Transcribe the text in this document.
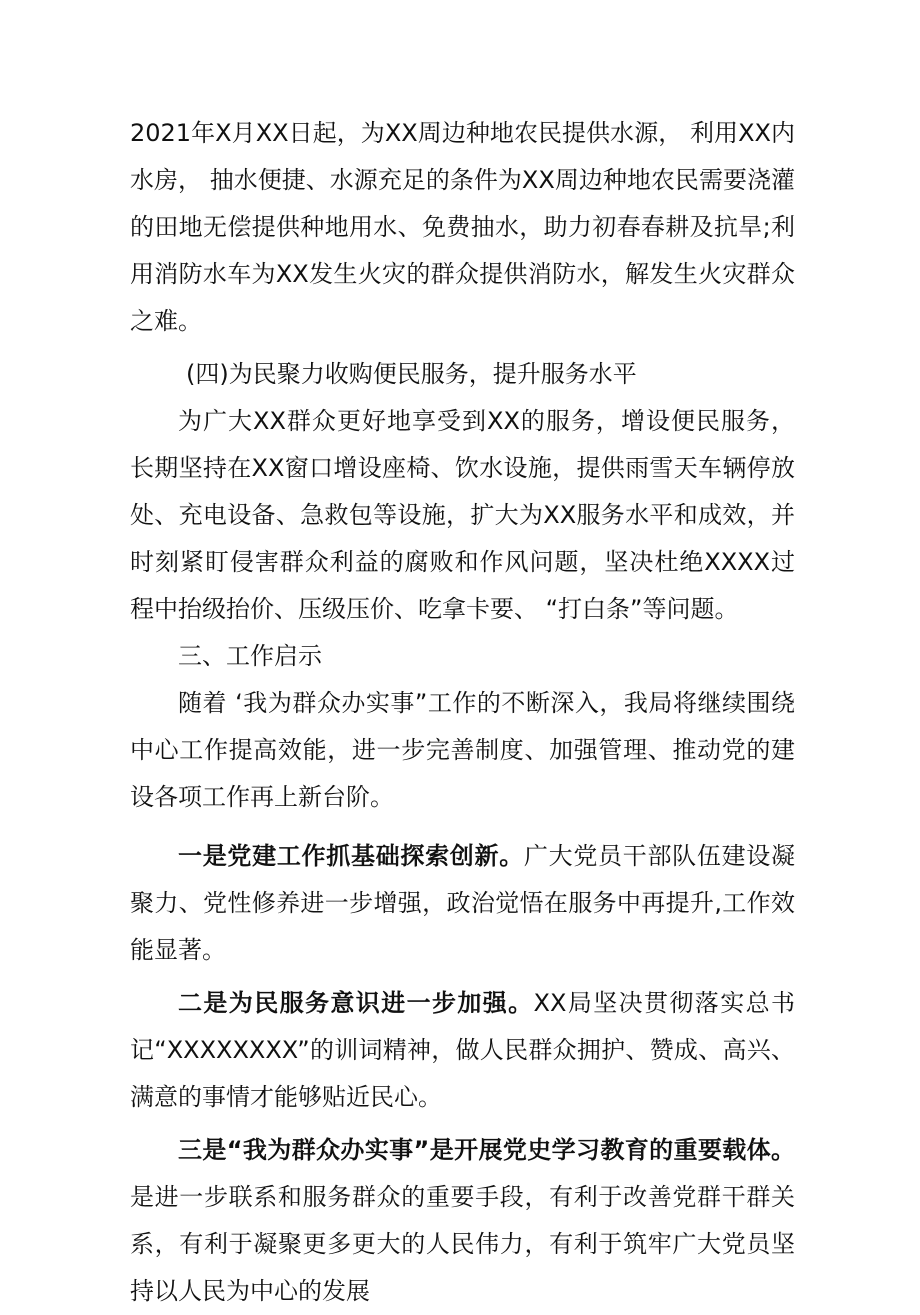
2021年X月XX日起，为XX周边种地农民提供水源， 利用XX内水房， 抽水便捷、水源充足的条件为XX周边种地农民需要浇灌的田地无偿提供种地用水、免费抽水，助力初春春耕及抗旱;利用消防水车为XX发生火灾的群众提供消防水，解发生火灾群众之难。

(四)为民聚力收购便民服务，提升服务水平

为广大XX群众更好地享受到XX的服务，增设便民服务，长期坚持在XX窗口增设座椅、饮水设施，提供雨雪天车辆停放处、充电设备、急救包等设施，扩大为XX服务水平和成效，并时刻紧盯侵害群众利益的腐败和作风问题，坚决杜绝XXXX过程中抬级抬价、压级压价、吃拿卡要、 “打白条”等问题。

三、工作启示

随着 ‘我为群众办实事”工作的不断深入，我局将继续围绕中心工作提高效能，进一步完善制度、加强管理、推动党的建设各项工作再上新台阶。

一是党建工作抓基础探索创新。广大党员干部队伍建设凝聚力、党性修养进一步增强，政治觉悟在服务中再提升,工作效能显著。

二是为民服务意识进一步加强。XX局坚决贯彻落实总书记“XXXXXXXX”的训词精神，做人民群众拥护、赞成、高兴、满意的事情才能够贴近民心。

三是“我为群众办实事”是开展党史学习教育的重要载体。是进一步联系和服务群众的重要手段，有利于改善党群干群关系，有利于凝聚更多更大的人民伟力，有利于筑牢广大党员坚持以人民为中心的发展
